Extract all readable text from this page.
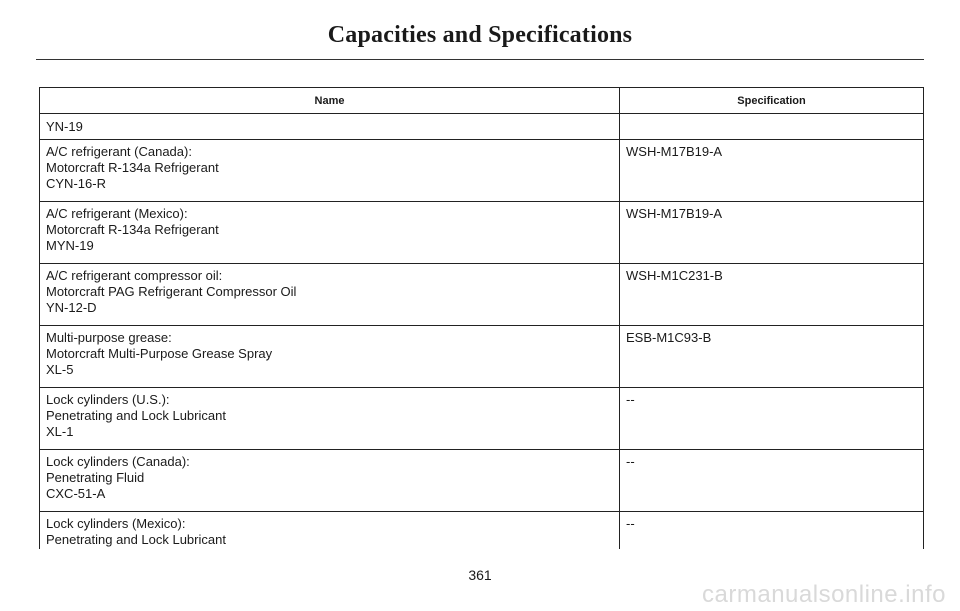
Capacities and Specifications
Name	Specification

YN-19	

A/C refrigerant (Canada):
Motorcraft R-134a Refrigerant
CYN-16-R	WSH-M17B19-A

A/C refrigerant (Mexico):
Motorcraft R-134a Refrigerant
MYN-19	WSH-M17B19-A

A/C refrigerant compressor oil:
Motorcraft PAG Refrigerant Compressor Oil
YN-12-D	WSH-M1C231-B

Multi-purpose grease:
Motorcraft Multi-Purpose Grease Spray
XL-5	ESB-M1C93-B

Lock cylinders (U.S.):
Penetrating and Lock Lubricant
XL-1	--

Lock cylinders (Canada):
Penetrating Fluid
CXC-51-A	--

Lock cylinders (Mexico):
Penetrating and Lock Lubricant	--
361
carmanualsonline.info
